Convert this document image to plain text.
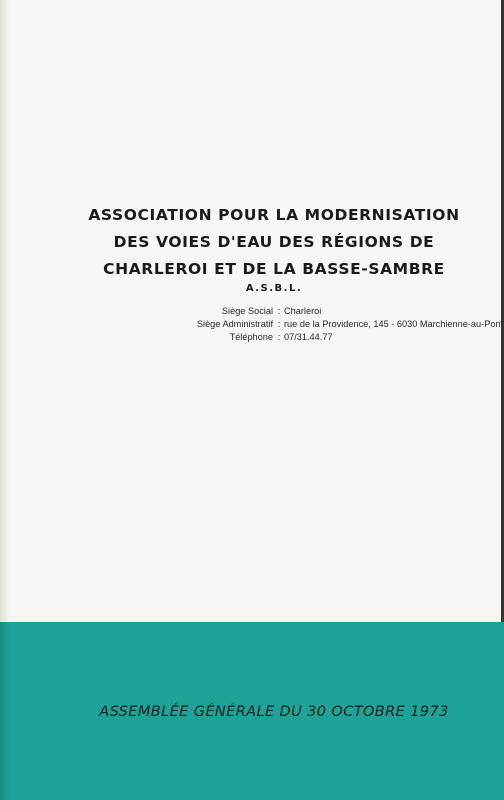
ASSOCIATION POUR LA MODERNISATION
DES VOIES D'EAU DES RÉGIONS DE
CHARLEROI ET DE LA BASSE-SAMBRE
A.S.B.L.
Siège Social : Charleroi
Siège Administratif : rue de la Providence, 145 - 6030 Marchienne-au-Pont
Téléphone : 07/31.44.77
ASSEMBLÉE GÉNÉRALE DU 30 OCTOBRE 1973
